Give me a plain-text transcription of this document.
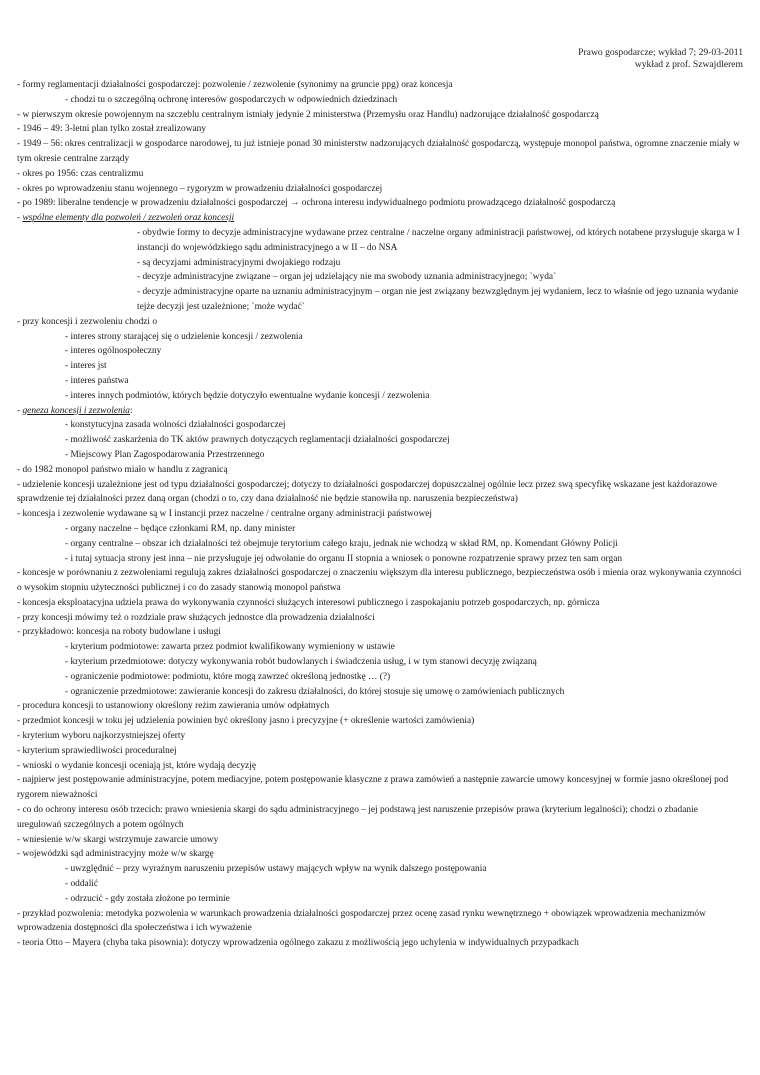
Prawo gospodarcze; wykład 7; 29-03-2011
wykład z prof. Szwajdlerem
- formy reglamentacji działalności gospodarczej: pozwolenie / zezwolenie (synonimy na gruncie ppg) oraz koncesja
- chodzi tu o szczególną ochronę interesów gospodarczych w odpowiednich dziedzinach
- w pierwszym okresie powojennym na szczeblu centralnym istniały jedynie 2 ministerstwa (Przemysłu oraz Handlu) nadzorujące działalność gospodarczą
- 1946 – 49: 3-letni plan tylko został zrealizowany
- 1949 – 56: okres centralizacji w gospodarce narodowej, tu już istnieje ponad 30 ministerstw nadzorujących działalność gospodarczą, występuje monopol państwa, ogromne znaczenie miały w tym okresie centralne zarządy
- okres po 1956: czas centralizmu
- okres po wprowadzeniu stanu wojennego – rygoryzm w prowadzeniu działalności gospodarczej
- po 1989: liberalne tendencje w prowadzeniu działalności gospodarczej → ochrona interesu indywidualnego podmiotu prowadzącego działalność gospodarczą
- wspólne elementy dla pozwoleń / zezwoleń oraz koncesji
- obydwie formy to decyzje administracyjne wydawane przez centralne / naczelne organy administracji państwowej, od których notabene przysługuje skarga w I instancji do wojewódzkiego sądu administracyjnego a w II – do NSA
- są decyzjami administracyjnymi dwojakiego rodzaju
- decyzje administracyjne związane – organ jej udzielający nie ma swobody uznania administracyjnego; `wyda`
- decyzje administracyjne oparte na uznaniu administracyjnym – organ nie jest związany bezwzględnym jej wydaniem, lecz to właśnie od jego uznania wydanie tejże decyzji jest uzależnione; `może wydać`
- przy koncesji i zezwoleniu chodzi o
- interes strony starającej się o udzielenie koncesji / zezwolenia
- interes ogólnospołeczny
- interes jst
- interes państwa
- interes innych podmiotów, których będzie dotyczyło ewentualne wydanie koncesji / zezwolenia
- geneza koncesji i zezwolenia:
- konstytucyjna zasada wolności działalności gospodarczej
- możliwość zaskarżenia do TK aktów prawnych dotyczących reglamentacji działalności gospodarczej
- Miejscowy Plan Zagospodarowania Przestrzennego
- do 1982 monopol państwo miało w handlu z zagranicą
- udzielenie koncesji uzależnione jest od typu działalności gospodarczej; dotyczy to działalności gospodarczej dopuszczalnej ogólnie lecz przez swą specyfikę wskazane jest każdorazowe sprawdzenie tej działalności przez daną organ (chodzi o to, czy dana działalność nie będzie stanowiła np. naruszenia bezpieczeństwa)
- koncesja i zezwolenie wydawane są w I instancji przez naczelne / centralne organy administracji państwowej
- organy naczelne – będące członkami RM, np. dany minister
- organy centralne – obszar ich działalności też obejmuje terytorium całego kraju, jednak nie wchodzą w skład RM, np. Komendant Główny Policji
- i tutaj sytuacja strony jest inna – nie przysługuje jej odwołanie do organu II stopnia a wniosek o ponowne rozpatrzenie sprawy przez ten sam organ
- koncesje w porównaniu z zezwoleniami regulują zakres działalności gospodarczej o znaczeniu większym dla interesu publicznego, bezpieczeństwa osób i mienia oraz wykonywania czynności o wysokim stopniu użyteczności publicznej i co do zasady stanowią monopol państwa
- koncesja eksploatacyjna udziela prawa do wykonywania czynności służących interesowi publicznego i zaspokajaniu potrzeb gospodarczych, np. górnicza
- przy koncesji mówimy też o rozdziale praw służących jednostce dla prowadzenia działalności
- przykładowo: koncesja na roboty budowlane i usługi
- kryterium podmiotowe: zawarta przez podmiot kwalifikowany wymieniony w ustawie
- kryterium przedmiotowe: dotyczy wykonywania robót budowlanych i świadczenia usług, i w tym stanowi decyzję związaną
- ograniczenie podmiotowe: podmiotu, które mogą zawrzeć określoną jednostkę … (?)
- ograniczenie przedmiotowe: zawieranie koncesji do zakresu działalności, do której stosuje się umowę o zamówieniach publicznych
- procedura koncesji to ustanowiony określony reżim zawierania umów odpłatnych
- przedmiot koncesji w toku jej udzielenia powinien być określony jasno i precyzyjne (+ określenie wartości zamówienia)
- kryterium wyboru najkorzystniejszej oferty
- kryterium sprawiedliwości proceduralnej
- wnioski o wydanie koncesji oceniają jst, które wydają decyzję
- najpierw jest postępowanie administracyjne, potem mediacyjne, potem postępowanie klasyczne z prawa zamówień a następnie zawarcie umowy koncesyjnej w formie jasno określonej pod rygorem nieważności
- co do ochrony interesu osób trzecich: prawo wniesienia skargi do sądu administracyjnego – jej podstawą jest naruszenie przepisów prawa (kryterium legalności); chodzi o zbadanie uregulowań szczególnych a potem ogólnych
- wniesienie w/w skargi wstrzymuje zawarcie umowy
- wojewódzki sąd administracyjny może w/w skargę
- uwzględnić – przy wyraźnym naruszeniu przepisów ustawy mających wpływ na wynik dalszego postępowania
- oddalić
- odrzucić - gdy została złożone po terminie
- przykład pozwolenia: metodyka pozwolenia w warunkach prowadzenia działalności gospodarczej przez ocenę zasad rynku wewnętrznego + obowiązek wprowadzenia mechanizmów wprowadzenia dostępności dla społeczeństwa i ich wyważenie
- teoria Otto – Mayera (chyba taka pisownia): dotyczy wprowadzenia ogólnego zakazu z możliwością jego uchylenia w indywidualnych przypadkach
